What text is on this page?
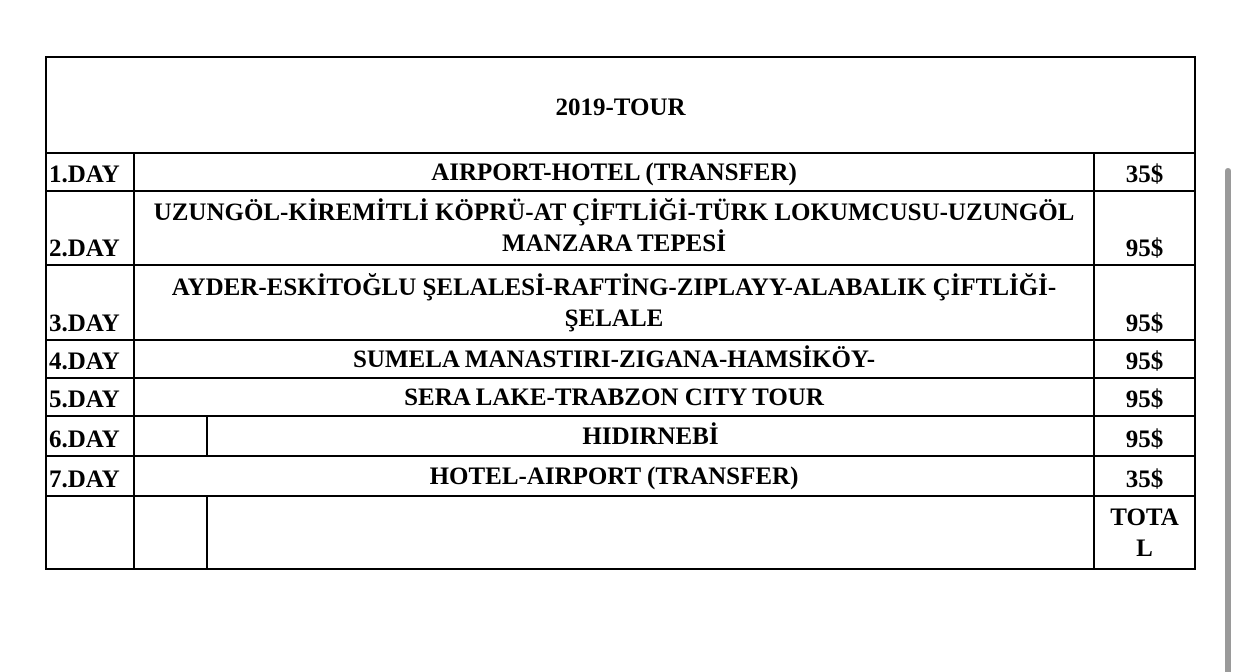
2019-TOUR			
1.DAY	AIRPORT-HOTEL (TRANSFER)		35$
2.DAY	UZUNGÖL-KİREMİTLİ KÖPRÜ-AT ÇİFTLİĞİ-TÜRK LOKUMCUSU-UZUNGÖL MANZARA TEPESİ		95$
3.DAY	AYDER-ESKİTOĞLU ŞELALESİ-RAFTİNG-ZIPLAYY-ALABALIK ÇİFTLİĞİ-ŞELALE		95$
4.DAY	SUMELA MANASTIRI-ZIGANA-HAMSİKÖY-		95$
5.DAY	SERA LAKE-TRABZON CITY TOUR		95$
6.DAY		HIDIRNEBİ	95$
7.DAY	HOTEL-AIRPORT (TRANSFER)		35$
			TOTAL
